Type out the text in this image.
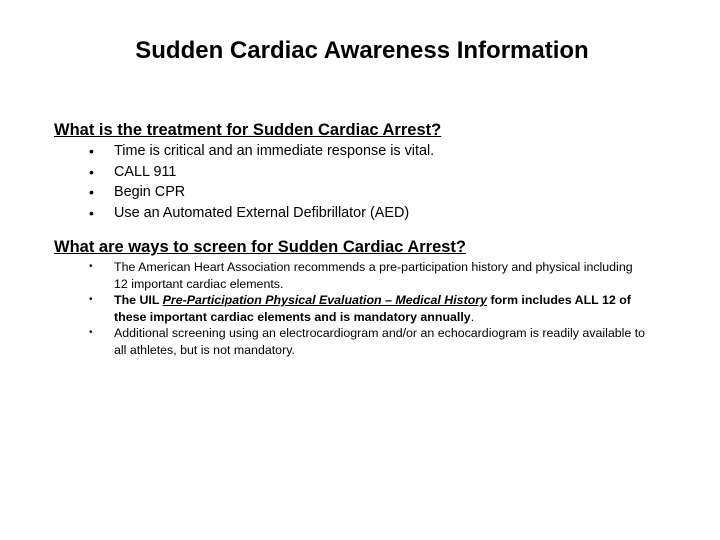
Sudden Cardiac Awareness Information
What is the treatment for Sudden Cardiac Arrest?
• Time is critical and an immediate response is vital.
• CALL 911
• Begin CPR
• Use an Automated External Defibrillator (AED)
What are ways to screen for Sudden Cardiac Arrest?
• The American Heart Association recommends a pre-participation history and physical including 12 important cardiac elements.
• The UIL Pre-Participation Physical Evaluation – Medical History form includes ALL 12 of these important cardiac elements and is mandatory annually.
• Additional screening using an electrocardiogram and/or an echocardiogram is readily available to all athletes, but is not mandatory.
